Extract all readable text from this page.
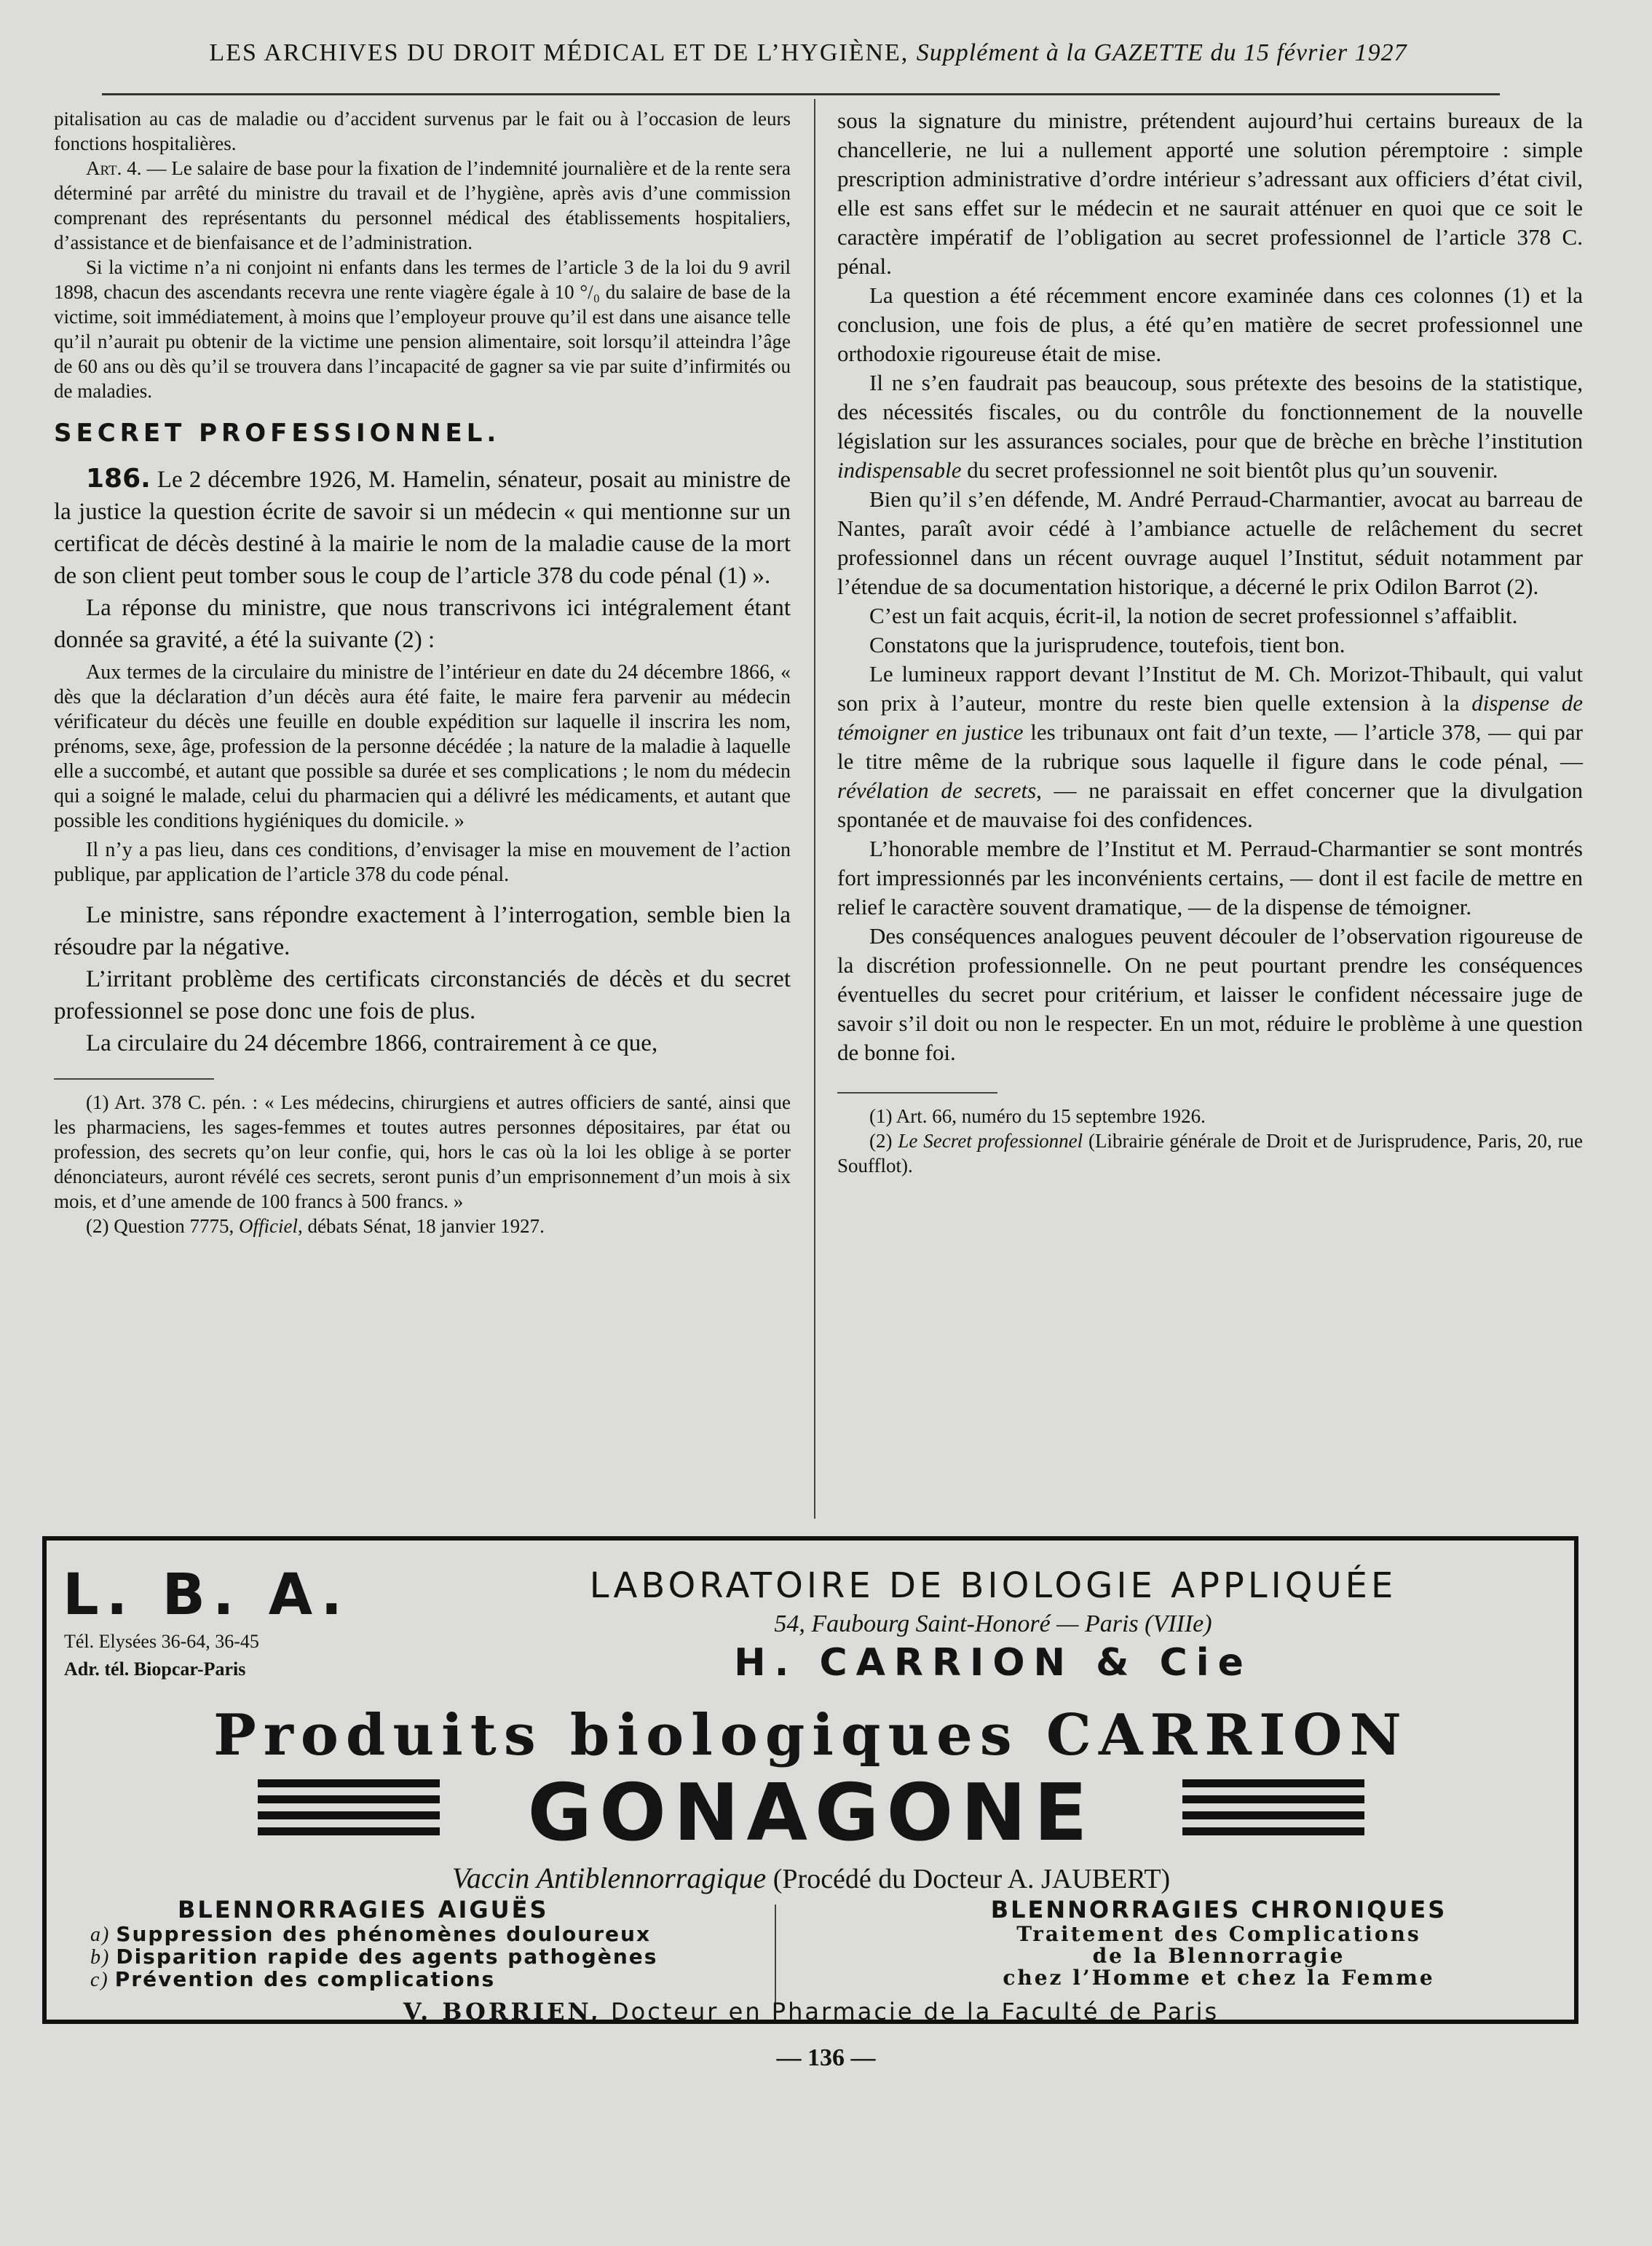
LES ARCHIVES DU DROIT MÉDICAL ET DE L’HYGIÈNE, Supplément à la GAZETTE du 15 février 1927

pitalisation au cas de maladie ou d’accident survenus par le fait ou à l’occasion de leurs fonctions hospitalières.

Art. 4. — Le salaire de base pour la fixation de l’indemnité journalière et de la rente sera déterminé par arrêté du ministre du travail et de l’hygiène, après avis d’une commission comprenant des représentants du personnel médical des établissements hospitaliers, d’assistance et de bienfaisance et de l’administration.

Si la victime n’a ni conjoint ni enfants dans les termes de l’article 3 de la loi du 9 avril 1898, chacun des ascendants recevra une rente viagère égale à 10 °/₀ du salaire de base de la victime, soit immédiatement, à moins que l’employeur prouve qu’il est dans une aisance telle qu’il n’aurait pu obtenir de la victime une pension alimentaire, soit lorsqu’il atteindra l’âge de 60 ans ou dès qu’il se trouvera dans l’incapacité de gagner sa vie par suite d’infirmités ou de maladies.

SECRET PROFESSIONNEL.

186. Le 2 décembre 1926, M. Hamelin, sénateur, posait au ministre de la justice la question écrite de savoir si un médecin « qui mentionne sur un certificat de décès destiné à la mairie le nom de la maladie cause de la mort de son client peut tomber sous le coup de l’article 378 du code pénal (1) ».

La réponse du ministre, que nous transcrivons ici intégralement étant donnée sa gravité, a été la suivante (2) :

Aux termes de la circulaire du ministre de l’intérieur en date du 24 décembre 1866, « dès que la déclaration d’un décès aura été faite, le maire fera parvenir au médecin vérificateur du décès une feuille en double expédition sur laquelle il inscrira les nom, prénoms, sexe, âge, profession de la personne décédée ; la nature de la maladie à laquelle elle a succombé, et autant que possible sa durée et ses complications ; le nom du médecin qui a soigné le malade, celui du pharmacien qui a délivré les médicaments, et autant que possible les conditions hygiéniques du domicile. »

Il n’y a pas lieu, dans ces conditions, d’envisager la mise en mouvement de l’action publique, par application de l’article 378 du code pénal.

Le ministre, sans répondre exactement à l’interrogation, semble bien la résoudre par la négative.

L’irritant problème des certificats circonstanciés de décès et du secret professionnel se pose donc une fois de plus.

La circulaire du 24 décembre 1866, contrairement à ce que,

(1) Art. 378 C. pén. : « Les médecins, chirurgiens et autres officiers de santé, ainsi que les pharmaciens, les sages-femmes et toutes autres personnes dépositaires, par état ou profession, des secrets qu’on leur confie, qui, hors le cas où la loi les oblige à se porter dénonciateurs, auront révélé ces secrets, seront punis d’un emprisonnement d’un mois à six mois, et d’une amende de 100 francs à 500 francs. »

(2) Question 7775, Officiel, débats Sénat, 18 janvier 1927.

sous la signature du ministre, prétendent aujourd’hui certains bureaux de la chancellerie, ne lui a nullement apporté une solution péremptoire : simple prescription administrative d’ordre intérieur s’adressant aux officiers d’état civil, elle est sans effet sur le médecin et ne saurait atténuer en quoi que ce soit le caractère impératif de l’obligation au secret professionnel de l’article 378 C. pénal.

La question a été récemment encore examinée dans ces colonnes (1) et la conclusion, une fois de plus, a été qu’en matière de secret professionnel une orthodoxie rigoureuse était de mise.

Il ne s’en faudrait pas beaucoup, sous prétexte des besoins de la statistique, des nécessités fiscales, ou du contrôle du fonctionnement de la nouvelle législation sur les assurances sociales, pour que de brèche en brèche l’institution indispensable du secret professionnel ne soit bientôt plus qu’un souvenir.

Bien qu’il s’en défende, M. André Perraud-Charmantier, avocat au barreau de Nantes, paraît avoir cédé à l’ambiance actuelle de relâchement du secret professionnel dans un récent ouvrage auquel l’Institut, séduit notamment par l’étendue de sa documentation historique, a décerné le prix Odilon Barrot (2).

C’est un fait acquis, écrit-il, la notion de secret professionnel s’affaiblit.

Constatons que la jurisprudence, toutefois, tient bon.

Le lumineux rapport devant l’Institut de M. Ch. Morizot-Thibault, qui valut son prix à l’auteur, montre du reste bien quelle extension à la dispense de témoigner en justice les tribunaux ont fait d’un texte, — l’article 378, — qui par le titre même de la rubrique sous laquelle il figure dans le code pénal, — révélation de secrets, — ne paraissait en effet concerner que la divulgation spontanée et de mauvaise foi des confidences.

L’honorable membre de l’Institut et M. Perraud-Charmantier se sont montrés fort impressionnés par les inconvénients certains, — dont il est facile de mettre en relief le caractère souvent dramatique, — de la dispense de témoigner.

Des conséquences analogues peuvent découler de l’observation rigoureuse de la discrétion professionnelle. On ne peut pourtant prendre les conséquences éventuelles du secret pour critérium, et laisser le confident nécessaire juge de savoir s’il doit ou non le respecter. En un mot, réduire le problème à une question de bonne foi.

(1) Art. 66, numéro du 15 septembre 1926.

(2) Le Secret professionnel (Librairie générale de Droit et de Jurisprudence, Paris, 20, rue Soufflot).

L. B. A.
Tél. Elysées 36-64, 36-45
Adr. tél. Biopcar-Paris
LABORATOIRE DE BIOLOGIE APPLIQUÉE
54, Faubourg Saint-Honoré — Paris (VIIIe)
H. CARRION & Cie
Produits biologiques CARRION
GONAGONE
Vaccin Antiblennorragique (Procédé du Docteur A. JAUBERT)
BLENNORRAGIES AIGUËS
a) Suppression des phénomènes douloureux
b) Disparition rapide des agents pathogènes
c) Prévention des complications
BLENNORRAGIES CHRONIQUES
Traitement des Complications
de la Blennorragie
chez l’Homme et chez la Femme
V. BORRIEN, Docteur en Pharmacie de la Faculté de Paris
— 136 —
